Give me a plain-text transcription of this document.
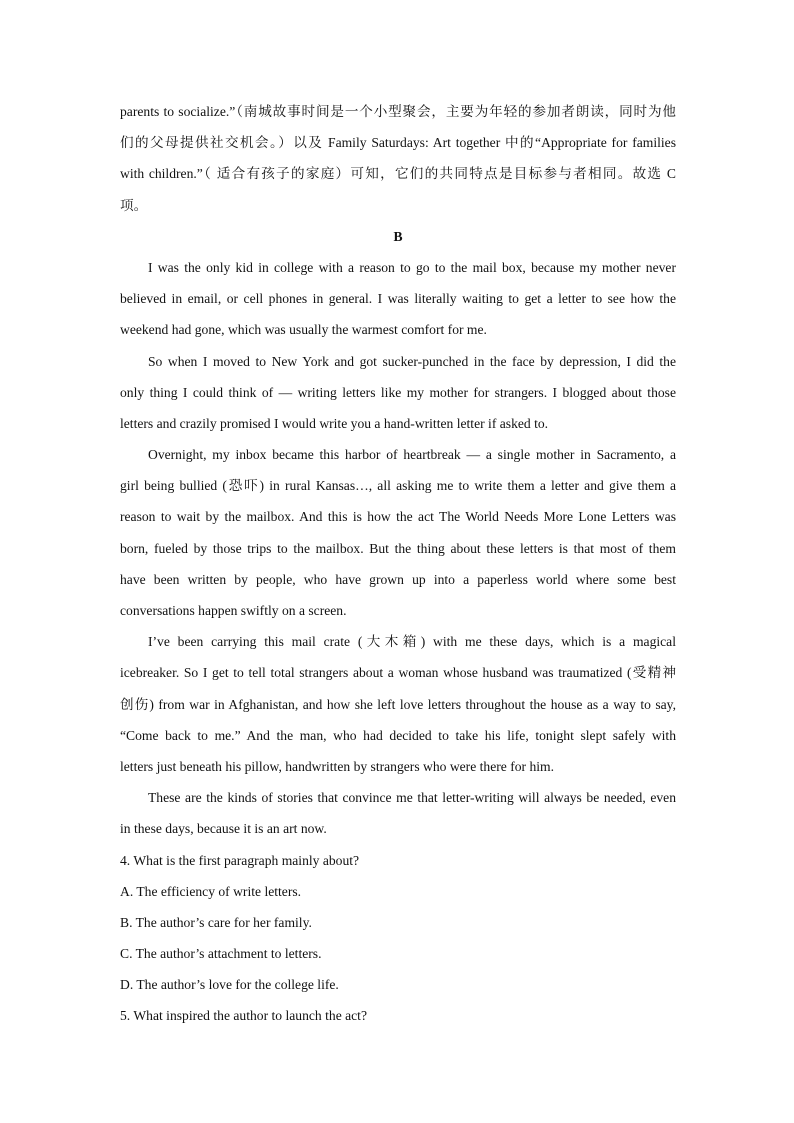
parents to socialize.”（南城故事时间是一个小型聚会，主要为年轻的参加者朗读，同时为他
们的父母提供社交机会。）以及 Family Saturdays: Art together 中的“Appropriate for families
with children.”（ 适合有孩子的家庭）可知，它们的共同特点是目标参与者相同。故选 C
项。
B
I was the only kid in college with a reason to go to the mail box, because my mother never
believed in email, or cell phones in general. I was literally waiting to get a letter to see how the
weekend had gone, which was usually the warmest comfort for me.
So when I moved to New York and got sucker-punched in the face by depression, I did the
only thing I could think of — writing letters like my mother for strangers. I blogged about those
letters and crazily promised I would write you a hand-written letter if asked to.
Overnight, my inbox became this harbor of heartbreak — a single mother in Sacramento, a
girl being bullied (恐吓) in rural Kansas…, all asking me to write them a letter and give them a
reason to wait by the mailbox. And this is how the act The World Needs More Lone Letters was
born, fueled by those trips to the mailbox. But the thing about these letters is that most of them
have been written by people, who have grown up into a paperless world where some best
conversations happen swiftly on a screen.
I’ve been carrying this mail crate (大木箱) with me these days, which is a magical
icebreaker. So I get to tell total strangers about a woman whose husband was traumatized (受精神
创伤) from war in Afghanistan, and how she left love letters throughout the house as a way to say,
“Come back to me.” And the man, who had decided to take his life, tonight slept safely with
letters just beneath his pillow, handwritten by strangers who were there for him.
These are the kinds of stories that convince me that letter-writing will always be needed, even
in these days, because it is an art now.
4. What is the first paragraph mainly about?
A. The efficiency of write letters.
B. The author’s care for her family.
C. The author’s attachment to letters.
D. The author’s love for the college life.
5. What inspired the author to launch the act?
